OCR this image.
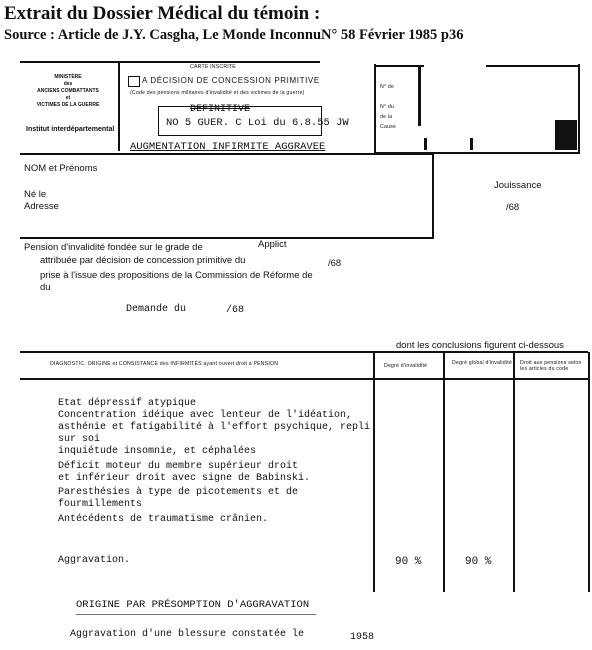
Extrait du Dossier Médical du témoin :
Source : Article de J.Y. Casgha, Le Monde InconnuN° 58 Février 1985 p36
MINISTÈRE
des
ANCIENS COMBATTANTS
et
VICTIMES DE LA GUERRE
Institut interdépartemental
CARTE INSCRITE
A DÉCISION DE CONCESSION PRIMITIVE
(Code des pensions militaires d'invalidité et des victimes de la guerre)
DEFINITIVE
NO 5 GUER. C Loi du 6.8.55 JW
AUGMENTATION INFIRMITE AGGRAVEE
N° de
N° du
de la
Cause
NOM et Prénoms
Né le
Adresse
Jouissance
/68
Pension d'invalidité fondée sur le grade de	Applict
attribuée par décision de concession primitive du	/68
prise à l'issue des propositions de la Commission de Réforme de
du
Demande du	/68
dont les conclusions figurent ci-dessous
DIAGNOSTIC. ORIGINE et CONSISTANCE des INFIRMITÉS ayant ouvert droit à PENSION	Degré d'invalidité	Degré global d'invalidité Droit aux pensions selon les articles du code
Etat dépressif atypique
Concentration idéique avec lenteur de l'idéation,
asthénie et fatigabilité à l'effort psychique, repli
sur soi
inquiétude insomnie, et céphalées
Déficit moteur du membre supérieur droit
et inférieur droit avec signe de Babinski.
Paresthésies à type de picotements et de
fourmillements
Antécédents de traumatisme crânien.
Aggravation.	90 %	90 %
ORIGINE PAR PRÉSOMPTION D'AGGRAVATION
Aggravation d'une blessure constatée le	1958
